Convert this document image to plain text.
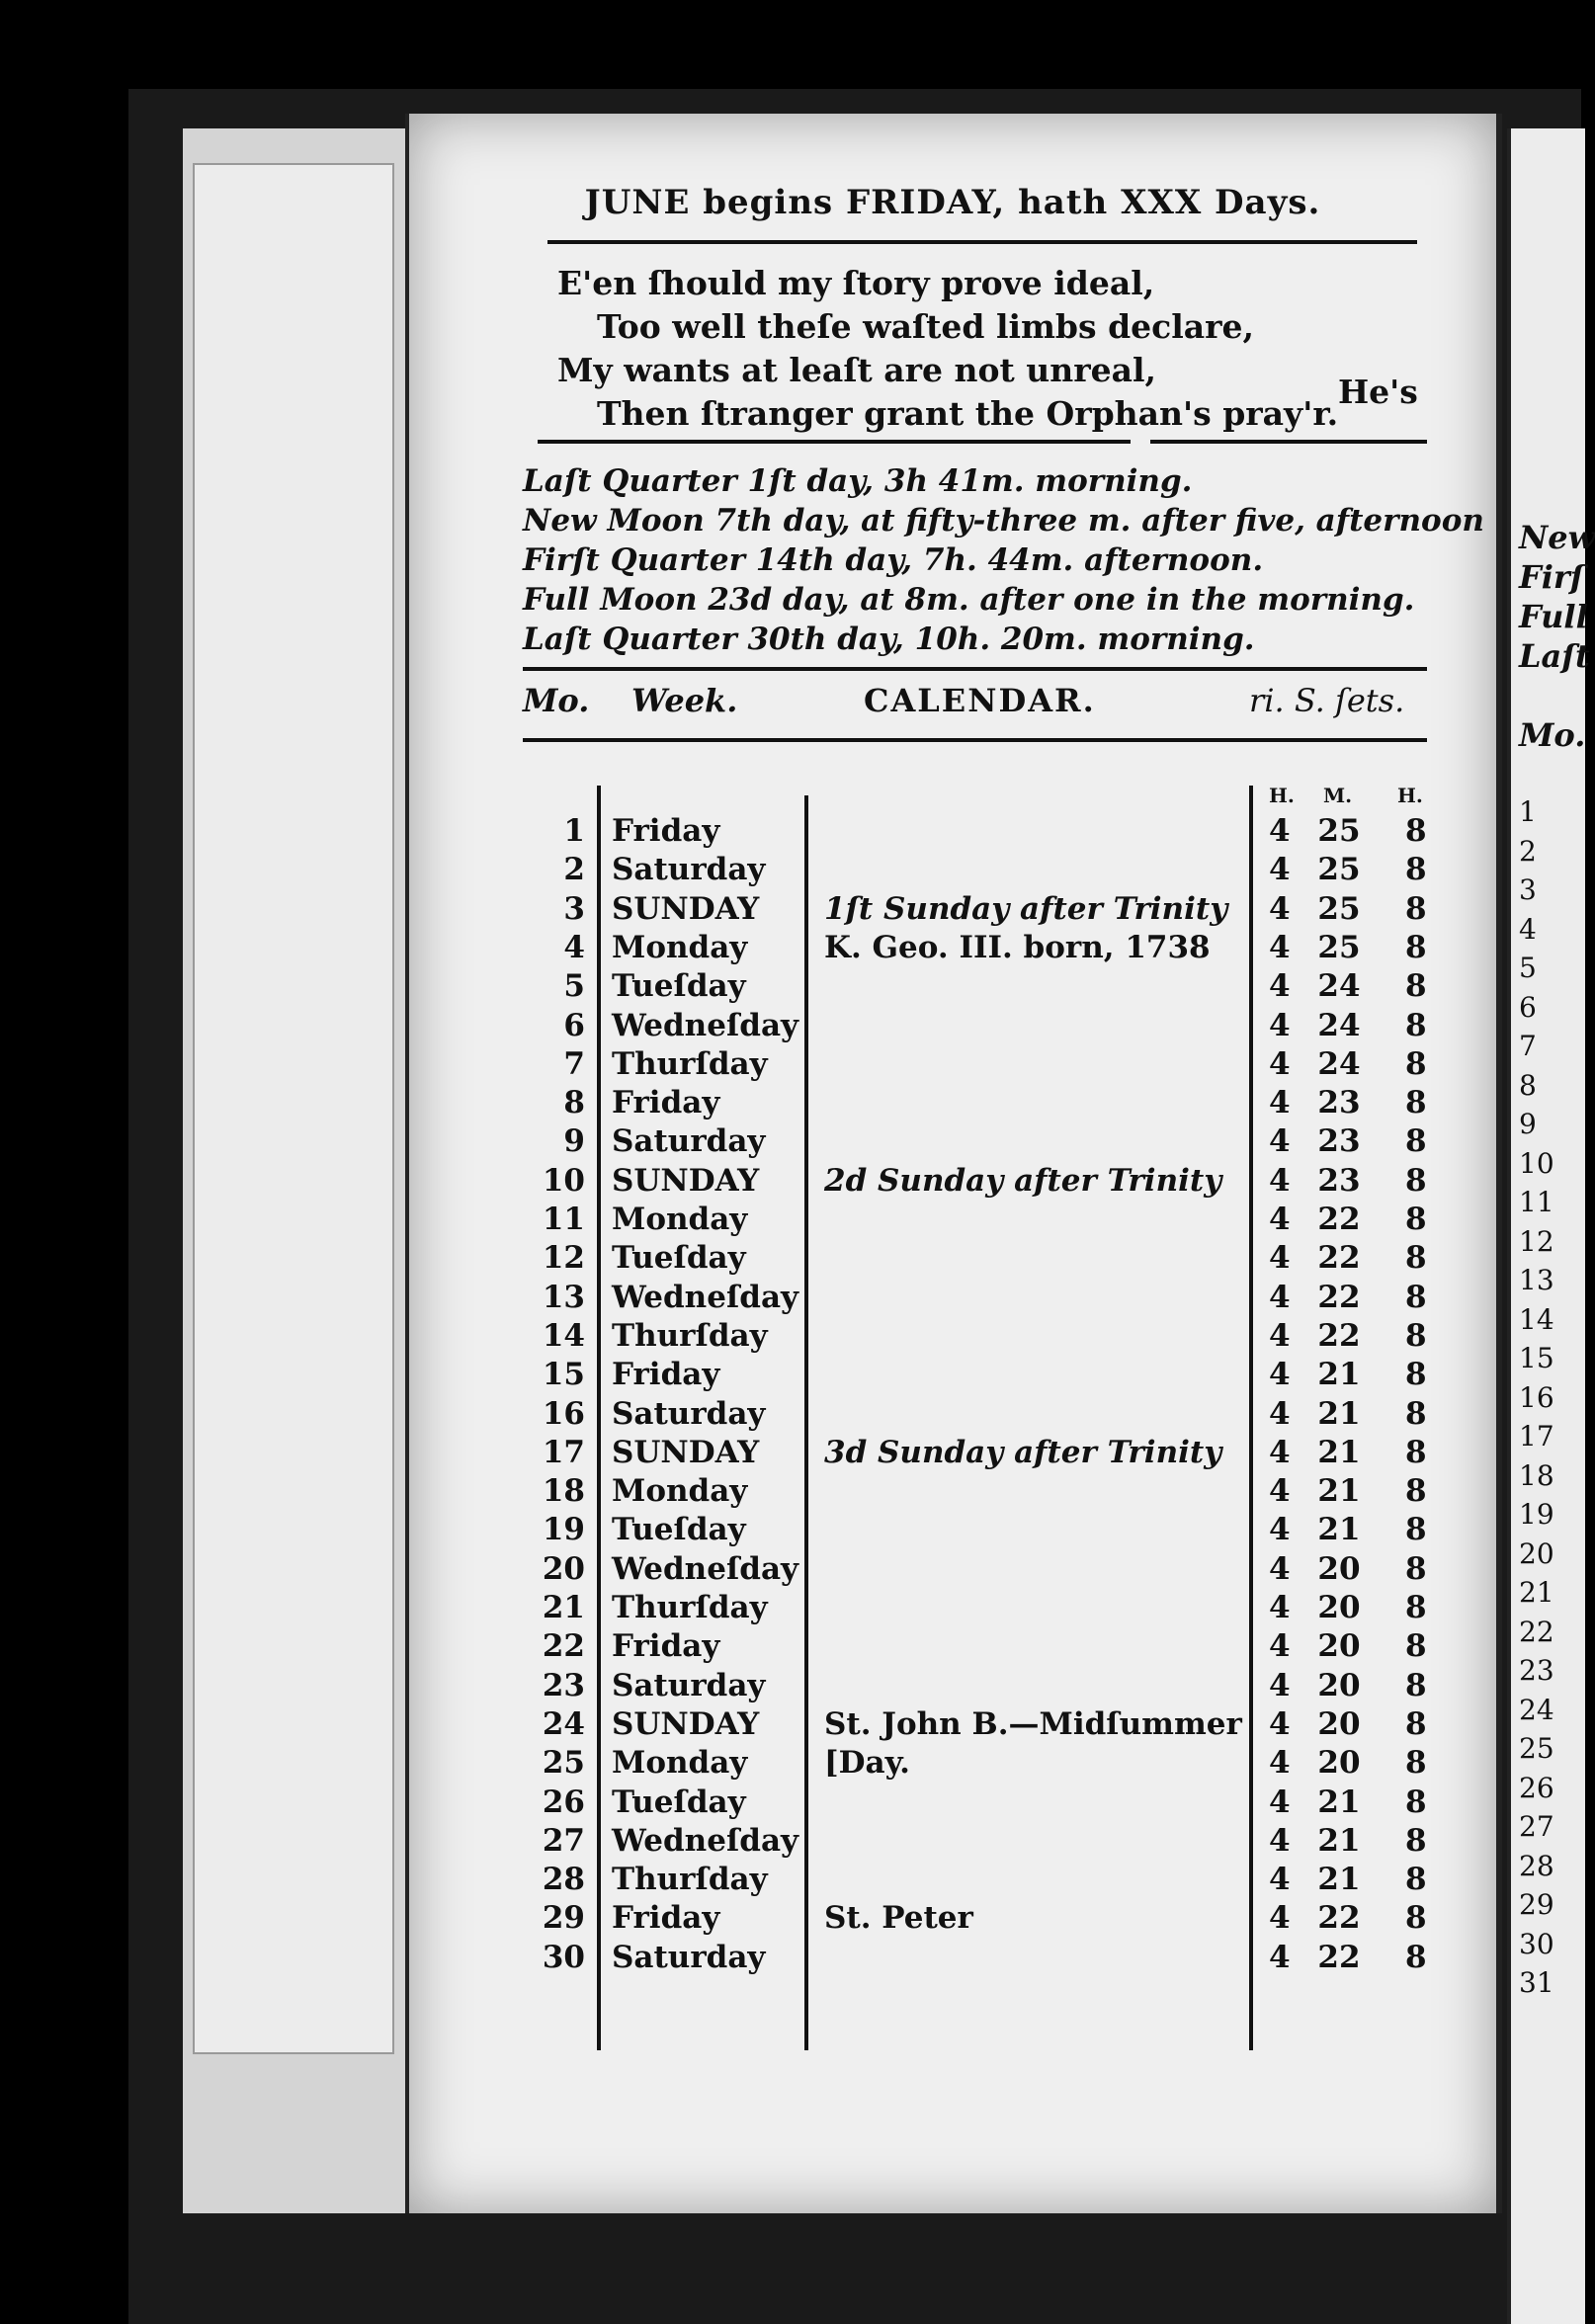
JUNE begins FRIDAY, hath XXX Days.
E'en ſhould my ſtory prove ideal,
Too well theſe waſted limbs declare,
My wants at leaſt are not unreal,
Then ſtranger grant the Orphan's pray'r.
He's
Laſt Quarter 1ſt day, 3h 41m. morning.
New Moon 7th day, at fifty-three m. after five, afternoon
Firſt Quarter 14th day, 7h. 44m. afternoon.
Full Moon 23d day, at 8m. after one in the morning.
Laſt Quarter 30th day, 10h. 20m. morning.
Mo. Week.	CALENDAR.	ri. S. ſets.
H. M. H.
1 Friday	4 25 8
2 Saturday	4 25 8
3 SUNDAY 1ſt Sunday after Trinity 4 25 8
4 Monday	K. Geo. III. born, 1738 4 25 8
5 Tueſday	4 24 8
6 Wedneſday	4 24 8
7 Thurſday	4 24 8
8 Friday	4 23 8
9 Saturday	4 23 8
10 SUNDAY 2d Sunday after Trinity 4 23 8
11 Monday	4 22 8
12 Tueſday	4 22 8
13 Wedneſday	4 22 8
14 Thurſday	4 22 8
15 Friday	4 21 8
16 Saturday	4 21 8
17 SUNDAY 3d Sunday after Trinity 4 21 8
18 Monday	4 21 8
19 Tueſday	4 21 8
20 Wedneſday	4 20 8
21 Thurſday	4 20 8
22 Friday	4 20 8
23 Saturday	4 20 8
24 SUNDAY St. John B.—Midſummer 4 20 8
25 Monday	[Day.	4 20 8
26 Tueſday	4 21 8
27 Wedneſday	4 21 8
28 Thurſday	4 21 8
29 Friday	St. Peter	4 22 8
30 Saturday	4 22 8
New
Firſ
Full
Laſt
Mo.
1
2
3
4
5
6
7
8
9
10
11
12
13
14
15
16
17
18
19
20
21
22
23
24
25
26
27
28
29
30
31
